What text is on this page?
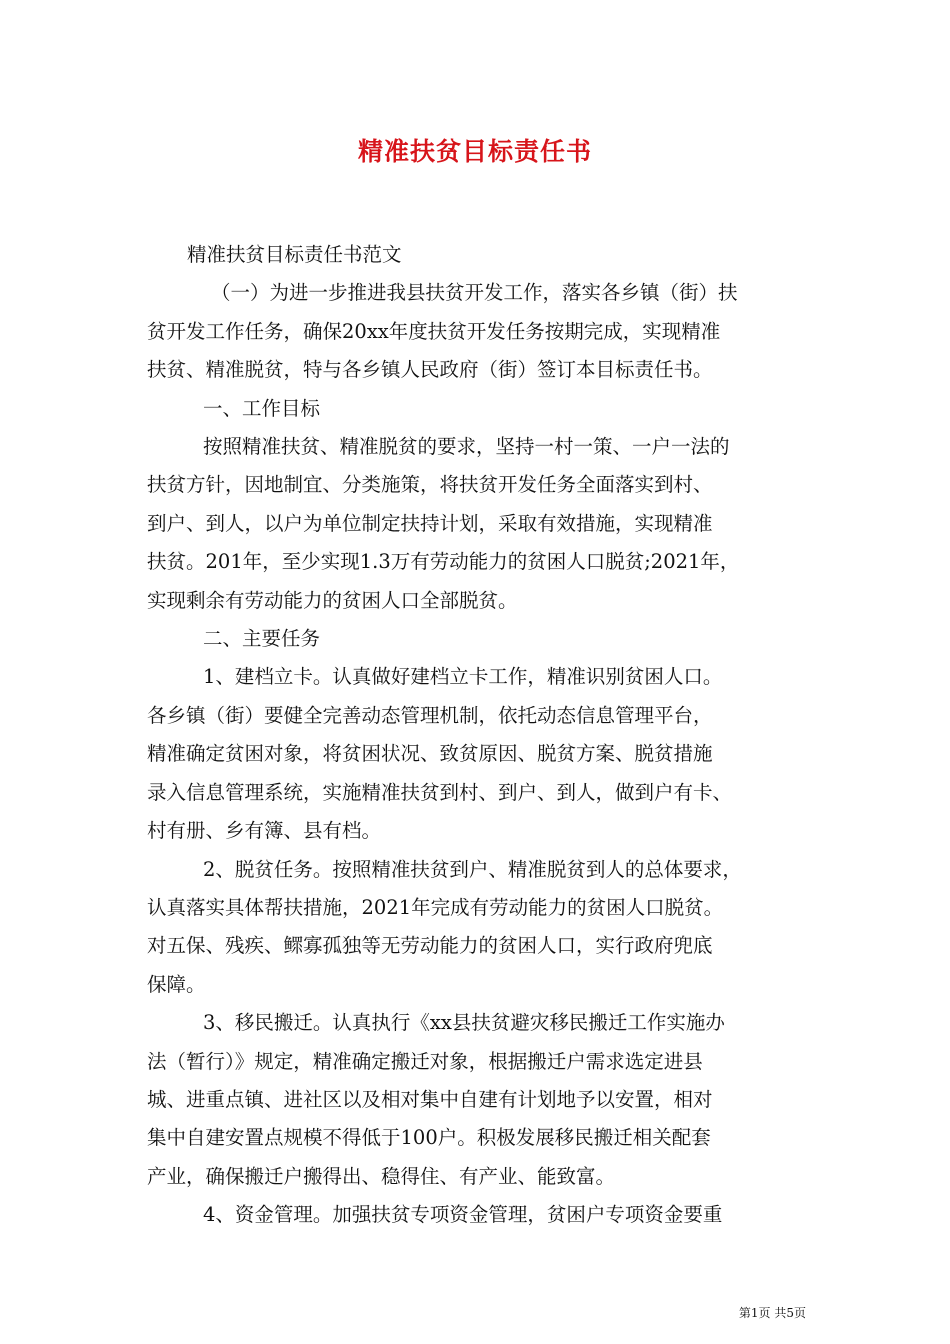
精准扶贫目标责任书

精准扶贫目标责任书范文

（一）为进一步推进我县扶贫开发工作，落实各乡镇（街）扶

贫开发工作任务，确保20xx年度扶贫开发任务按期完成，实现精准

扶贫、精准脱贫，特与各乡镇人民政府（街）签订本目标责任书。

一、工作目标

按照精准扶贫、精准脱贫的要求，坚持一村一策、一户一法的

扶贫方针，因地制宜、分类施策，将扶贫开发任务全面落实到村、

到户、到人，以户为单位制定扶持计划，采取有效措施，实现精准

扶贫。201年，至少实现1.3万有劳动能力的贫困人口脱贫;2021年，

实现剩余有劳动能力的贫困人口全部脱贫。

二、主要任务

1、建档立卡。认真做好建档立卡工作，精准识别贫困人口。

各乡镇（街）要健全完善动态管理机制，依托动态信息管理平台，

精准确定贫困对象，将贫困状况、致贫原因、脱贫方案、脱贫措施

录入信息管理系统，实施精准扶贫到村、到户、到人，做到户有卡、

村有册、乡有簿、县有档。

2、脱贫任务。按照精准扶贫到户、精准脱贫到人的总体要求，

认真落实具体帮扶措施，2021年完成有劳动能力的贫困人口脱贫。

对五保、残疾、鳏寡孤独等无劳动能力的贫困人口，实行政府兜底

保障。

3、移民搬迁。认真执行《xx县扶贫避灾移民搬迁工作实施办

法（暂行）》规定，精准确定搬迁对象，根据搬迁户需求选定进县

城、进重点镇、进社区以及相对集中自建有计划地予以安置，相对

集中自建安置点规模不得低于100户。积极发展移民搬迁相关配套

产业，确保搬迁户搬得出、稳得住、有产业、能致富。

4、资金管理。加强扶贫专项资金管理，贫困户专项资金要重

第1页 共5页
